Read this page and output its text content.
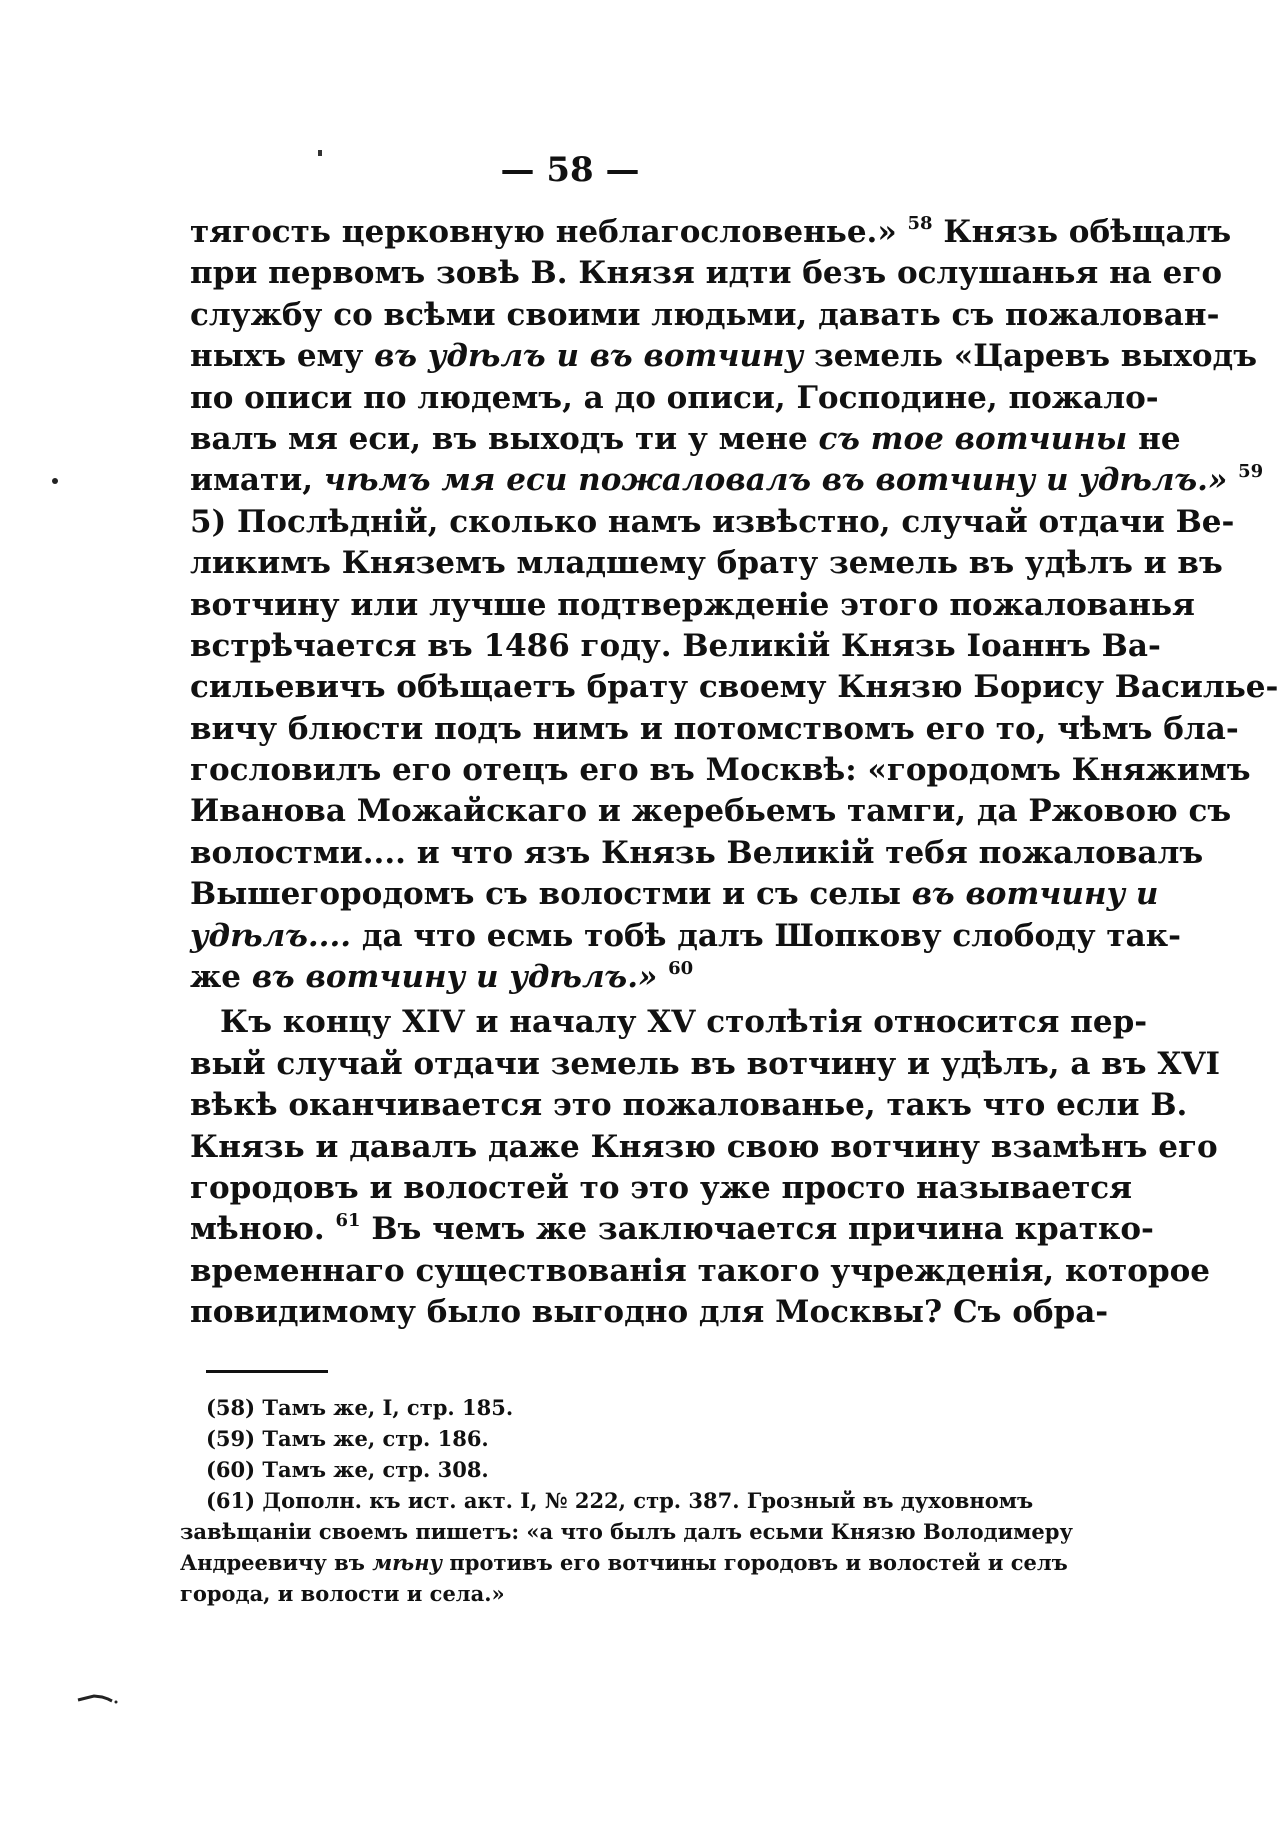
— 58 —
тягость церковную неблагословенье.» $^{58}$ Князь обѣщалъ
при первомъ зовѣ В. Князя идти безъ ослушанья на его
службу со всѣми своими людьми, давать съ пожалован-
ныхъ ему въ удѣлъ и въ вотчину земель «Царевъ выходъ
по описи по людемъ, а до описи, Господине, пожало-
валъ мя еси, въ выходъ ти у мене съ тое вотчины не
имати, чѣмъ мя еси пожаловалъ въ вотчину и удѣлъ.» $^{59}$
5) Послѣднiй, сколько намъ извѣстно, случай отдачи Ве-
ликимъ Княземъ младшему брату земель въ удѣлъ и въ
вотчину или лучше подтвержденiе этого пожалованья
встрѣчается въ 1486 году. Великiй Князь Iоаннъ Ва-
сильевичъ обѣщаетъ брату своему Князю Борису Василье-
вичу блюсти подъ нимъ и потомствомъ его то, чѣмъ бла-
гословилъ его отецъ его въ Москвѣ: «городомъ Княжимъ
Иванова Можайскаго и жеребьемъ тамги, да Ржовою съ
волостми.... и что язъ Князь Великiй тебя пожаловалъ
Вышегородомъ съ волостми и съ селы въ вотчину и
удѣлъ.... да что есмь тобѣ далъ Шопкову слободу так-
же въ вотчину и удѣлъ.» $^{60}$
Къ концу XIV и началу XV столѣтiя относится пер-
вый случай отдачи земель въ вотчину и удѣлъ, а въ XVI
вѣкѣ оканчивается это пожалованье, такъ что если В.
Князь и давалъ даже Князю свою вотчину взамѣнъ его
городовъ и волостей то это уже просто называется
мѣною. $^{61}$ Въ чемъ же заключается причина кратко-
временнаго существованiя такого учрежденiя, которое
повидимому было выгодно для Москвы? Съ обра-
(58) Тамъ же, I, стр. 185.
(59) Тамъ же, стр. 186.
(60) Тамъ же, стр. 308.
(61) Дополн. къ ист. акт. I, № 222, стр. 387. Грозный въ духовномъ
завѣщанiи своемъ пишетъ: «а что былъ далъ есьми Князю Володимеру
Андреевичу въ мѣну противъ его вотчины городовъ и волостей и селъ
города, и волости и села.»
